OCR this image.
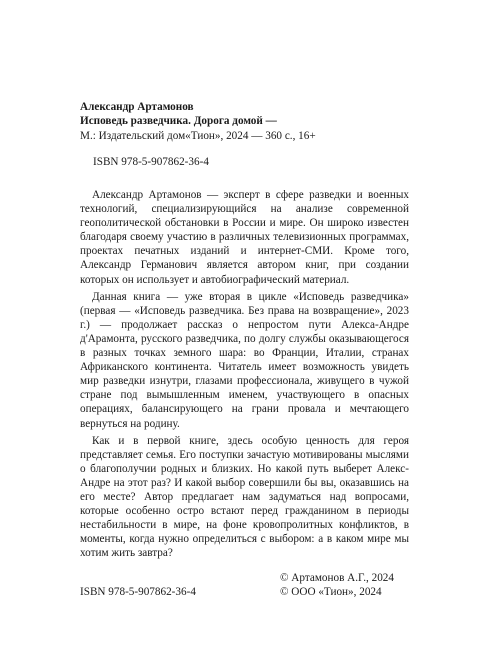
Александр Артамонов
Исповедь разведчика. Дорога домой —
М.: Издательский дом«Тион», 2024 — 360 с., 16+
ISBN 978-5-907862-36-4

Александр Артамонов — эксперт в сфере разведки и военных технологий, специализирующийся на анализе современной геополитической обстановки в России и мире. Он широко известен благодаря своему участию в различных телевизионных программах, проектах печатных изданий и интернет-СМИ. Кроме того, Александр Германович является автором книг, при создании которых он использует и автобиографический материал.

Данная книга — уже вторая в цикле «Исповедь разведчика» (первая — «Исповедь разведчика. Без права на возвращение», 2023 г.) — продолжает рассказ о непростом пути Алекса-Андре д'Арамонта, русского разведчика, по долгу службы оказывающегося в разных точках земного шара: во Франции, Италии, странах Африканского континента. Читатель имеет возможность увидеть мир разведки изнутри, глазами профессионала, живущего в чужой стране под вымышленным именем, участвующего в опасных операциях, балансирующего на грани провала и мечтающего вернуться на родину.

Как и в первой книге, здесь особую ценность для героя представляет семья. Его поступки зачастую мотивированы мыслями о благополучии родных и близких. Но какой путь выберет Алекс-Андре на этот раз? И какой выбор совершили бы вы, оказавшись на его месте? Автор предлагает нам задуматься над вопросами, которые особенно остро встают перед гражданином в периоды нестабильности в мире, на фоне кровопролитных конфликтов, в моменты, когда нужно определиться с выбором: а в каком мире мы хотим жить завтра?

ISBN 978-5-907862-36-4
© Артамонов А.Г., 2024
© ООО «Тион», 2024
